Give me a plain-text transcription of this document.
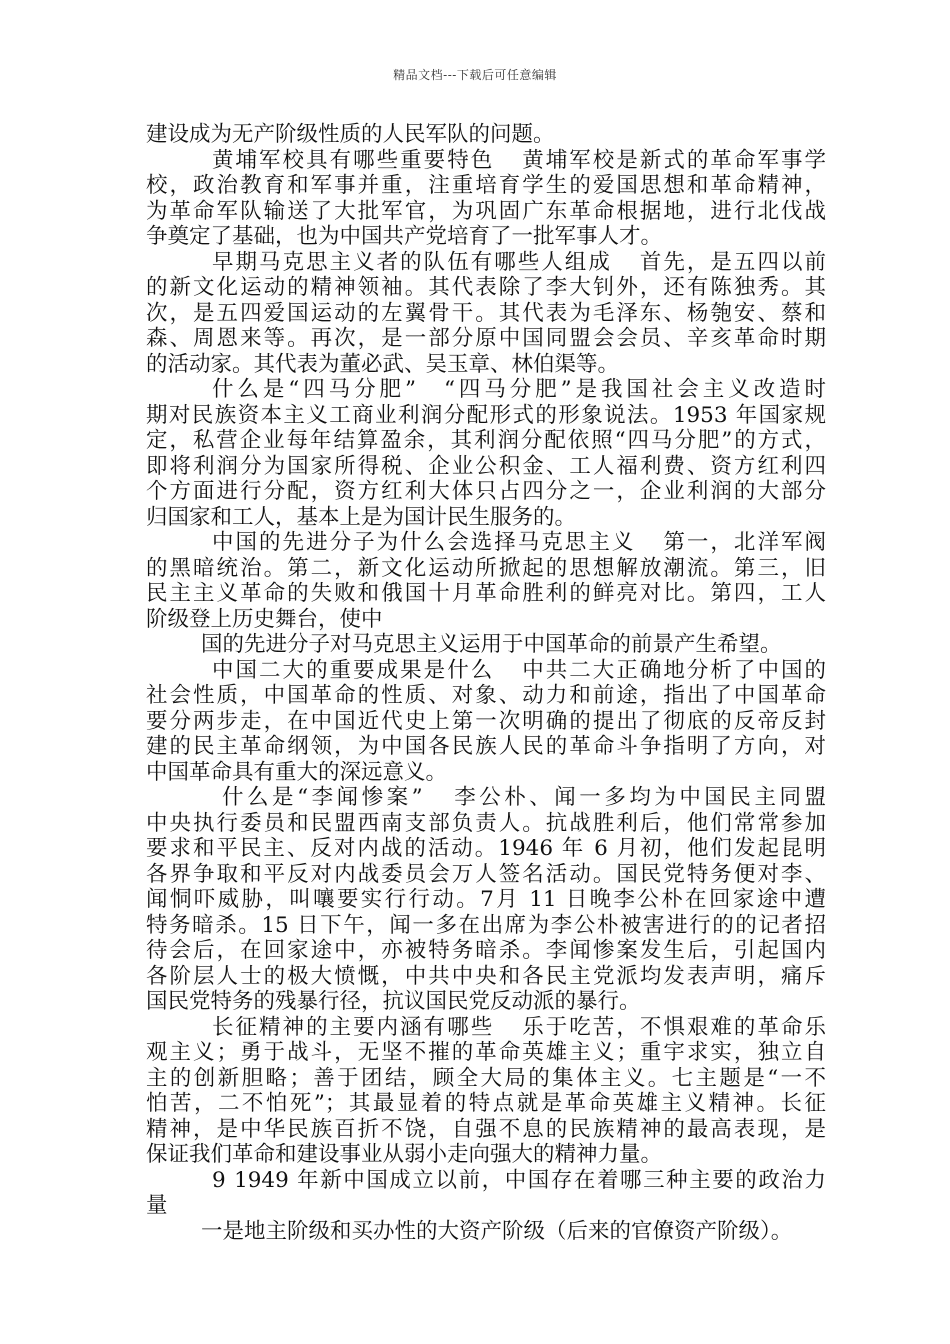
精品文档---下载后可任意编辑
建设成为无产阶级性质的人民军队的问题。
黄埔军校具有哪些重要特色 黄埔军校是新式的革命军事学
校，政治教育和军事并重，注重培育学生的爱国思想和革命精神，
为革命军队输送了大批军官，为巩固广东革命根据地，进行北伐战
争奠定了基础，也为中国共产党培育了一批军事人才。
早期马克思主义者的队伍有哪些人组成 首先，是五四以前
的新文化运动的精神领袖。其代表除了李大钊外，还有陈独秀。其
次，是五四爱国运动的左翼骨干。其代表为毛泽东、杨匏安、蔡和
森、周恩来等。再次，是一部分原中国同盟会会员、辛亥革命时期
的活动家。其代表为董必武、吴玉章、林伯渠等。
什么是“四马分肥” “四马分肥”是我国社会主义改造时
期对民族资本主义工商业利润分配形式的形象说法。1953 年国家规
定，私营企业每年结算盈余，其利润分配依照“四马分肥”的方式，
即将利润分为国家所得税、企业公积金、工人福利费、资方红利四
个方面进行分配，资方红利大体只占四分之一，企业利润的大部分
归国家和工人，基本上是为国计民生服务的。
中国的先进分子为什么会选择马克思主义 第一，北洋军阀
的黑暗统治。第二，新文化运动所掀起的思想解放潮流。第三，旧
民主主义革命的失败和俄国十月革命胜利的鲜亮对比。第四，工人
阶级登上历史舞台，使中
国的先进分子对马克思主义运用于中国革命的前景产生希望。
中国二大的重要成果是什么 中共二大正确地分析了中国的
社会性质，中国革命的性质、对象、动力和前途，指出了中国革命
要分两步走，在中国近代史上第一次明确的提出了彻底的反帝反封
建的民主革命纲领，为中国各民族人民的革命斗争指明了方向，对
中国革命具有重大的深远意义。
什么是“李闻惨案” 李公朴、闻一多均为中国民主同盟
中央执行委员和民盟西南支部负责人。抗战胜利后，他们常常参加
要求和平民主、反对内战的活动。1946 年 6 月初，他们发起昆明
各界争取和平反对内战委员会万人签名活动。国民党特务便对李、
闻恫吓威胁，叫嚷要实行行动。7月 11 日晚李公朴在回家途中遭
特务暗杀。15 日下午，闻一多在出席为李公朴被害进行的的记者招
待会后，在回家途中，亦被特务暗杀。李闻惨案发生后，引起国内
各阶层人士的极大愤慨，中共中央和各民主党派均发表声明，痛斥
国民党特务的残暴行径，抗议国民党反动派的暴行。
长征精神的主要内涵有哪些 乐于吃苦，不惧艰难的革命乐
观主义；勇于战斗，无坚不摧的革命英雄主义；重宇求实，独立自
主的创新胆略；善于团结，顾全大局的集体主义。七主题是“一不
怕苦，二不怕死”；其最显着的特点就是革命英雄主义精神。长征
精神，是中华民族百折不饶，自强不息的民族精神的最高表现，是
保证我们革命和建设事业从弱小走向强大的精神力量。
9 1949 年新中国成立以前，中国存在着哪三种主要的政治力
量
一是地主阶级和买办性的大资产阶级（后来的官僚资产阶级）。
